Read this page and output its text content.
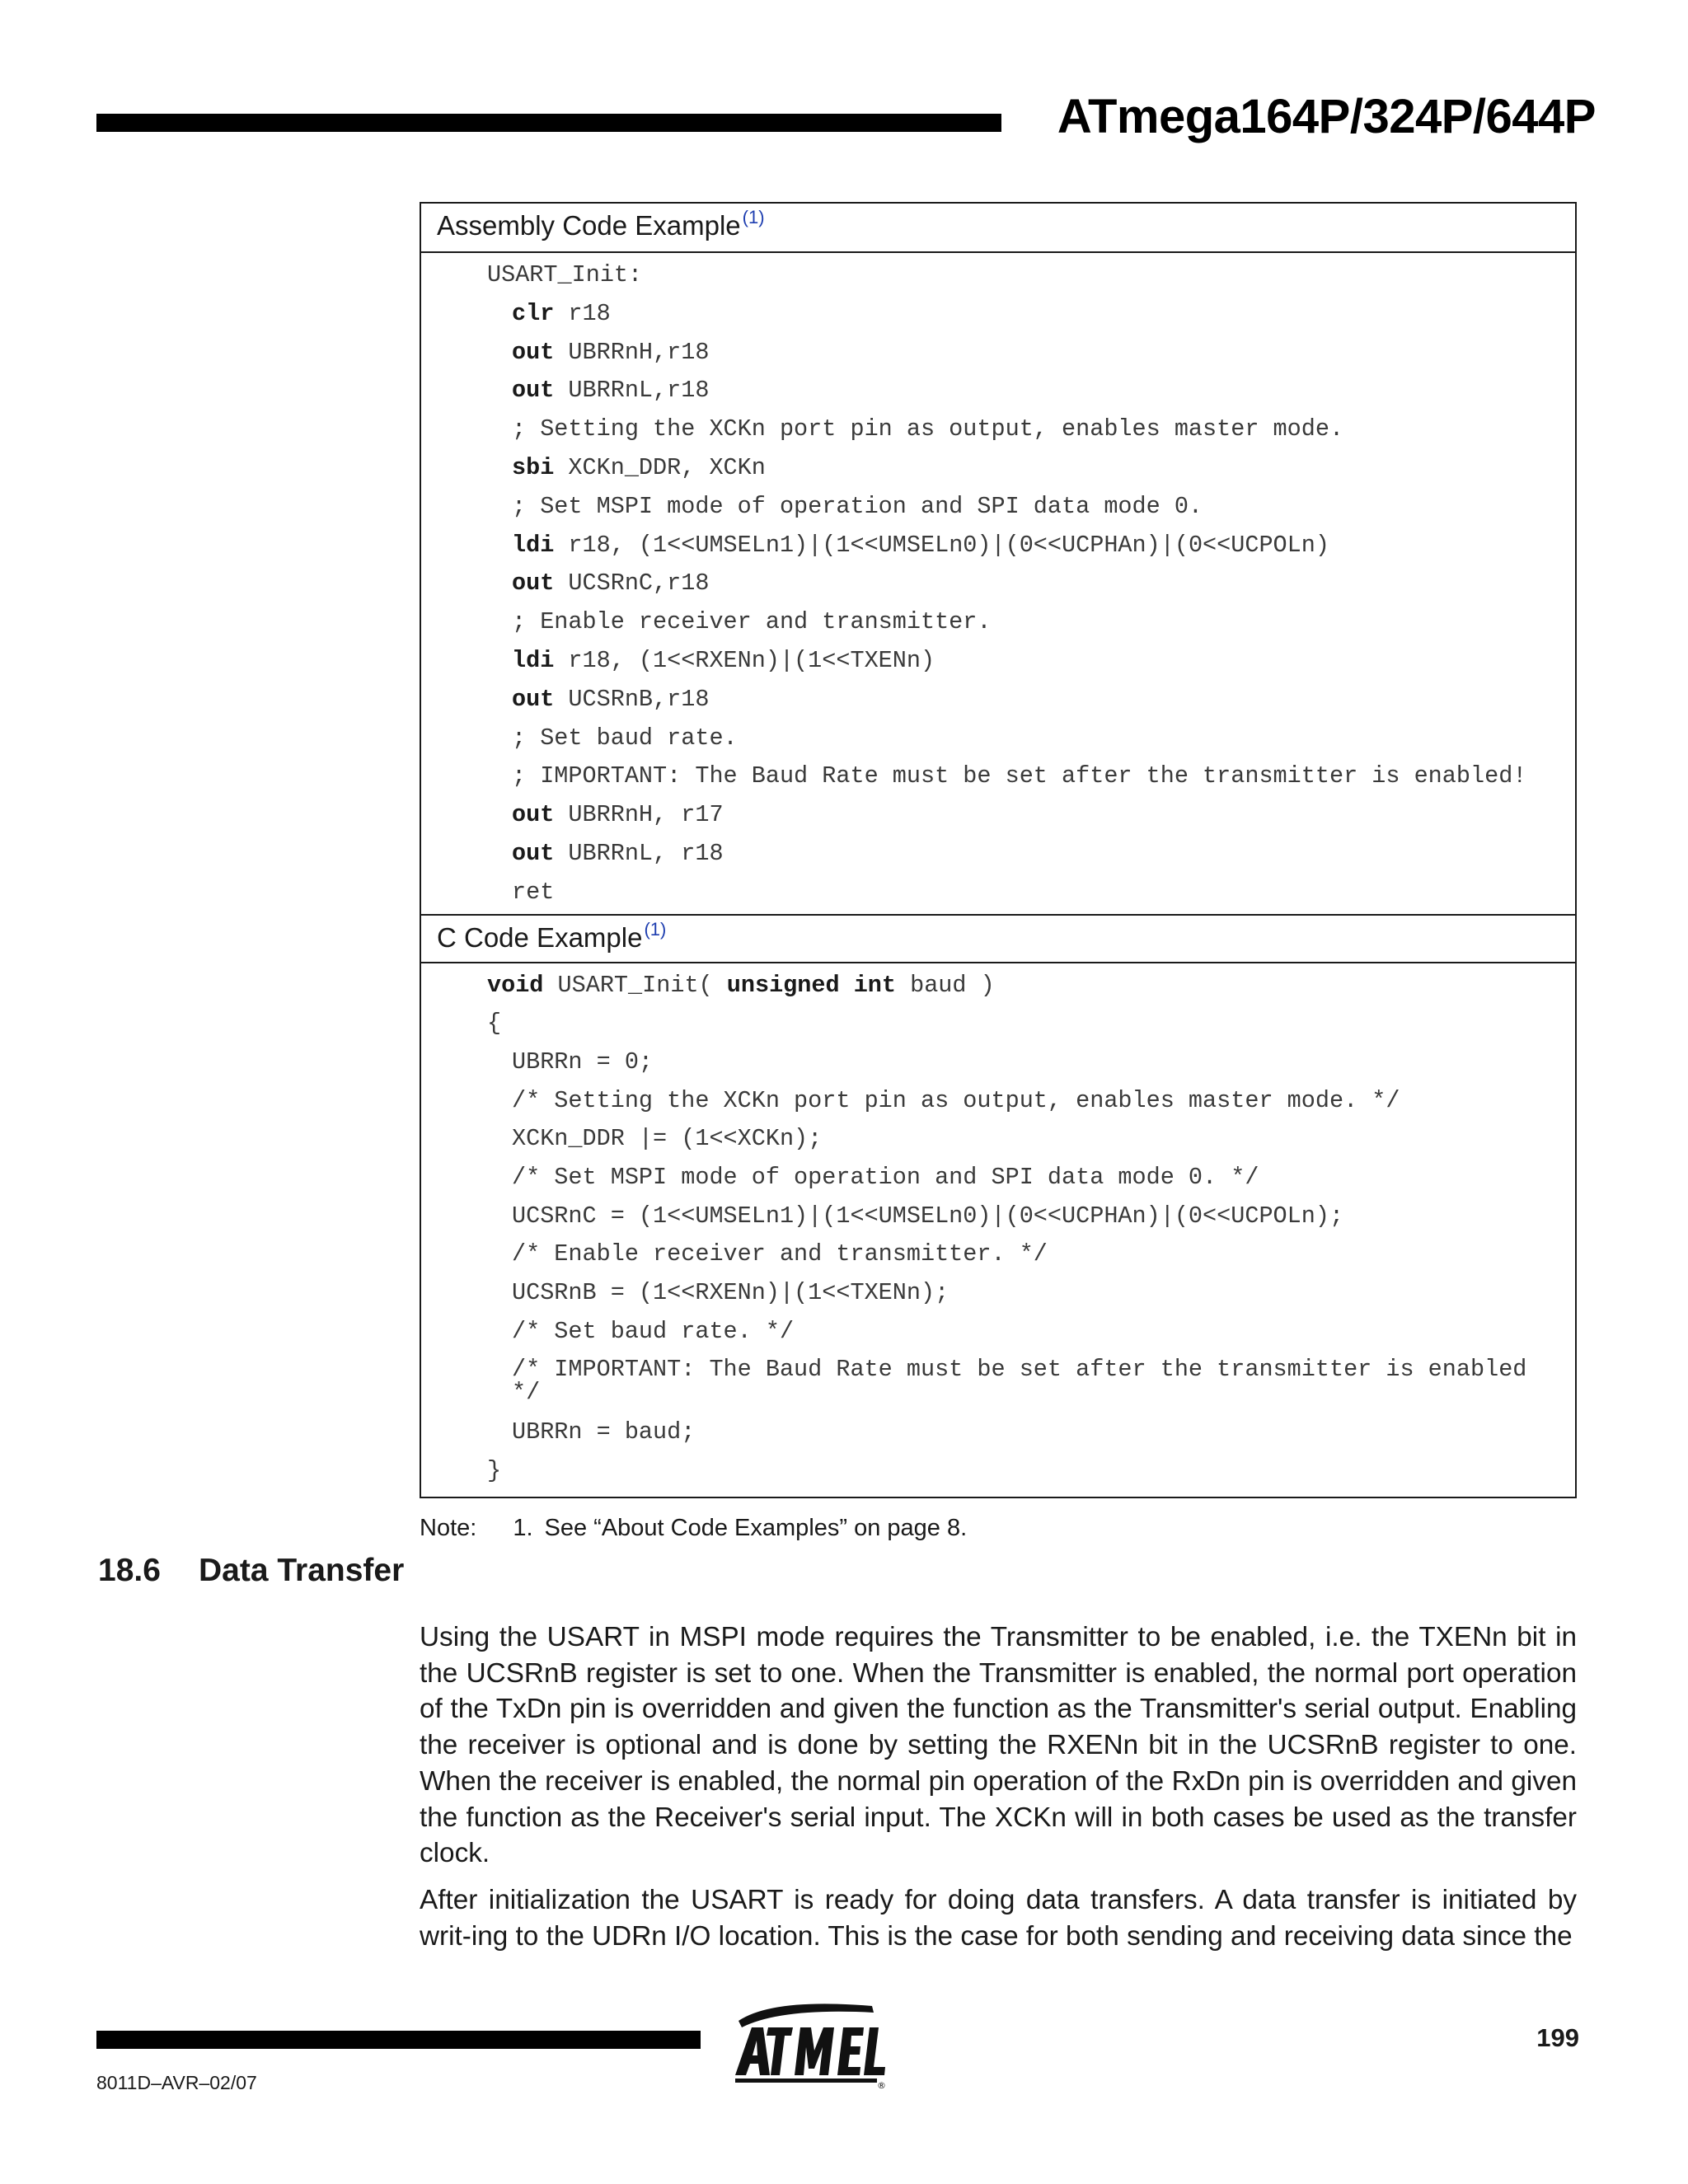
ATmega164P/324P/644P
Assembly Code Example$^{(1)}$
USART_Init:
clr r18
out UBRRnH,r18
out UBRRnL,r18
; Setting the XCKn port pin as output, enables master mode.
sbi XCKn_DDR, XCKn
; Set MSPI mode of operation and SPI data mode 0.
ldi r18, (1<<UMSELn1)|(1<<UMSELn0)|(0<<UCPHAn)|(0<<UCPOLn)
out UCSRnC,r18
; Enable receiver and transmitter.
ldi r18, (1<<RXENn)|(1<<TXENn)
out UCSRnB,r18
; Set baud rate.
; IMPORTANT: The Baud Rate must be set after the transmitter is enabled!
out UBRRnH, r17
out UBRRnL, r18
ret
C Code Example$^{(1)}$
void USART_Init( unsigned int baud )
{
UBRRn = 0;
/* Setting the XCKn port pin as output, enables master mode. */
XCKn_DDR |= (1<<XCKn);
/* Set MSPI mode of operation and SPI data mode 0. */
UCSRnC = (1<<UMSELn1)|(1<<UMSELn0)|(0<<UCPHAn)|(0<<UCPOLn);
/* Enable receiver and transmitter. */
UCSRnB = (1<<RXENn)|(1<<TXENn);
/* Set baud rate. */
/* IMPORTANT: The Baud Rate must be set after the transmitter is enabled
*/
UBRRn = baud;
}
Note: 1. See “About Code Examples” on page 8.
18.6 Data Transfer
Using the USART in MSPI mode requires the Transmitter to be enabled, i.e. the TXENn bit in the UCSRnB register is set to one. When the Transmitter is enabled, the normal port operation of the TxDn pin is overridden and given the function as the Transmitter's serial output. Enabling the receiver is optional and is done by setting the RXENn bit in the UCSRnB register to one. When the receiver is enabled, the normal pin operation of the RxDn pin is overridden and given the function as the Receiver's serial input. The XCKn will in both cases be used as the transfer clock.
After initialization the USART is ready for doing data transfers. A data transfer is initiated by writ-ing to the UDRn I/O location. This is the case for both sending and receiving data since the
®
199
8011D–AVR–02/07
